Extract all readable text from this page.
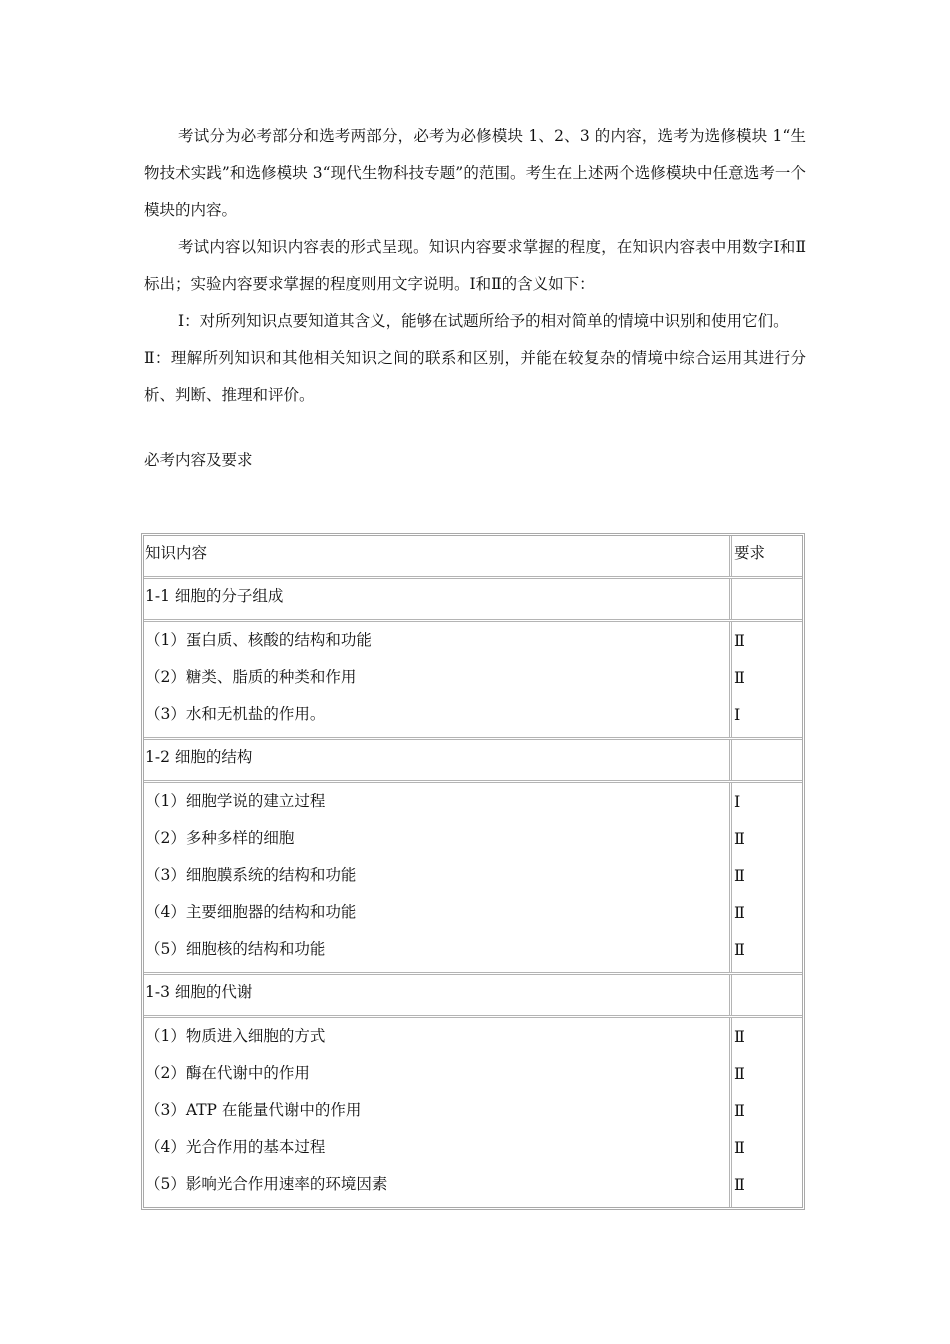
考试分为必考部分和选考两部分，必考为必修模块 1、2、3 的内容，选考为选修模块 1“生物技术实践”和选修模块 3“现代生物科技专题”的范围。考生在上述两个选修模块中任意选考一个模块的内容。

考试内容以知识内容表的形式呈现。知识内容要求掌握的程度，在知识内容表中用数字Ⅰ和Ⅱ标出；实验内容要求掌握的程度则用文字说明。Ⅰ和Ⅱ的含义如下：

Ⅰ：对所列知识点要知道其含义，能够在试题所给予的相对简单的情境中识别和使用它们。

Ⅱ：理解所列知识和其他相关知识之间的联系和区别，并能在较复杂的情境中综合运用其进行分析、判断、推理和评价。

必考内容及要求
知识内容	要求
1-1 细胞的分子组成
（1）蛋白质、核酸的结构和功能
（2）糖类、脂质的种类和作用
（3）水和无机盐的作用。
Ⅱ
Ⅱ
Ⅰ
1-2 细胞的结构
（1）细胞学说的建立过程
（2）多种多样的细胞
（3）细胞膜系统的结构和功能
（4）主要细胞器的结构和功能
（5）细胞核的结构和功能
Ⅰ
Ⅱ
Ⅱ
Ⅱ
Ⅱ
1-3 细胞的代谢
（1）物质进入细胞的方式
（2）酶在代谢中的作用
（3）ATP 在能量代谢中的作用
（4）光合作用的基本过程
（5）影响光合作用速率的环境因素
Ⅱ
Ⅱ
Ⅱ
Ⅱ
Ⅱ
